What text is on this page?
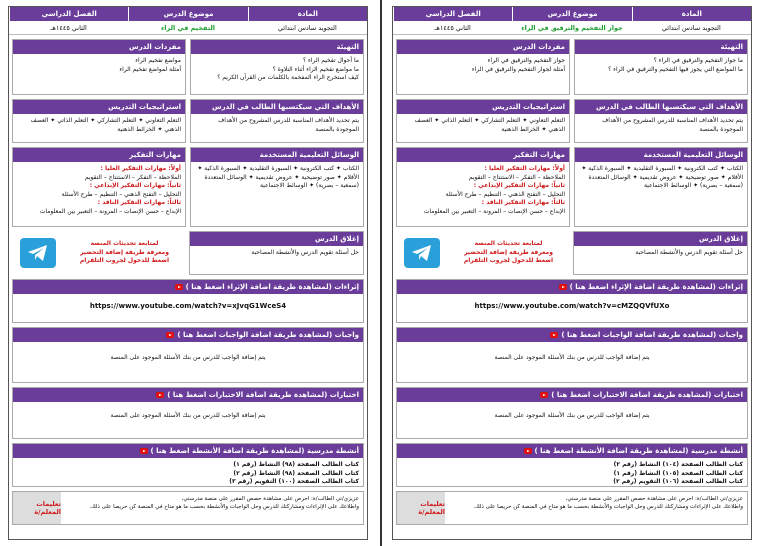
المادة
موضوع الدرس
الفصل الدراسي
التجويد سادس ابتدائي
التفخيم في الراء
الثاني ١٤٤٥هـ
التهيئة
ما أحوال تفخيم الراء ؟
ما مواضع تفخيم الراء أثناء التلاوة ؟
كيف استخرج الراء المفخمة بالكلمات من القرآن الكريم ؟
مفردات الدرس
مواضع تفخيم الراء
أمثلة لمواضع تفخيم الراء
الأهداف التي سيكتسبها الطالب في الدرس
يتم تحديد الأهداف المناسبة للدرس المشروح من الأهداف الموجودة بالمنصة
استراتيجيات التدريس
التعلم التعاوني ✦ التعلم التشاركي ✦ التعلم الذاتي ✦ العصف الذهني ✦ الخرائط الذهنية
الوسائل التعليمية المستخدمة
الكتاب ✦ كتب الكترونية ✦ السبورة التقليدية ✦ السبورة الذكية ✦ الأقلام ✦ صور توضيحية ✦ عروض تقديمية ✦ الوسائل المتعددة (سمعية – بصرية) ✦ الوسائط الاجتماعية
مهارات التفكير
أولاً: مهارات التفكير العليا :
الملاحظة – التفكر – الاستنتاج – التقويم
ثانياً: مهارات التفكير الإبداعي :
التحليل – التفتح الذهني – التنظيم – طرح الأسئلة
ثالثاً: مهارات التفكير الناقد :
الإبداع – حسن الإنصات – المرونة – التعبير بين المعلومات
إغلاق الدرس
حل أسئلة تقويم الدرس والأنشطة المصاحبة
لمتابعة تحديثات المنصة
ومعرفة طريقة إضافة التحضير
اضغط للدخول لجروب التلقرام
إثراءات (لمشاهدة طريقة اضافة الإثراء اضغط هنا )
https://www.youtube.com/watch?v=xJvqG1WceS4
واجبات (لمشاهدة طريقة اضافة الواجبات اضغط هنا )
يتم إضافة الواجب للدرس من بنك الأسئلة الموجود على المنصة
اختبارات (لمشاهدة طريقة اضافة الاختبارات اضغط هنا )
يتم إضافة الواجب للدرس من بنك الأسئلة الموجود على المنصة
أنشطة مدرسية (لمشاهدة طريقة اضافة الأنشطة اضغط هنا )
كتاب الطالب الصفحة (٩٨) النشاط (رقم ١)
كتاب الطالب الصفحة (٩٨) النشاط (رقم ٢)
كتاب الطالب الصفحة (١٠٠) التقويم (رقم ٣)
عزيزي/تي الطالب/ة: احرص على مشاهدة حصص المقرر على منصة مدرستي،
واطلاعك على الإثراءات ومشاركتك للدرس وحل الواجبات والأنشطة بحسب ما هو متاح في المنصة كن حريصا على ذلك.
تعليمات المعلم/ة
المادة
موضوع الدرس
الفصل الدراسي
التجويد سادس ابتدائي
جواز التفخيم والترقيق في الراء
الثاني ١٤٤٥هـ
التهيئة
ما جواز التفخيم والترقيق في الراء ؟
ما المواضع التي يجوز فيها التفخيم والترقيق في الراء ؟
مفردات الدرس
جواز التفخيم والترقيق في الراء
أمثلة لجواز التفخيم والترقيق في الراء
الأهداف التي سيكتسبها الطالب في الدرس
يتم تحديد الأهداف المناسبة للدرس المشروح من الأهداف الموجودة بالمنصة
استراتيجيات التدريس
التعلم التعاوني ✦ التعلم التشاركي ✦ التعلم الذاتي ✦ العصف الذهني ✦ الخرائط الذهنية
الوسائل التعليمية المستخدمة
الكتاب ✦ كتب الكترونية ✦ السبورة التقليدية ✦ السبورة الذكية ✦ الأقلام ✦ صور توضيحية ✦ عروض تقديمية ✦ الوسائل المتعددة (سمعية – بصرية) ✦ الوسائط الاجتماعية
مهارات التفكير
أولاً: مهارات التفكير العليا :
الملاحظة – التفكر – الاستنتاج – التقويم
ثانياً: مهارات التفكير الإبداعي :
التحليل – التفتح الذهني – التنظيم – طرح الأسئلة
ثالثاً: مهارات التفكير الناقد :
الإبداع – حسن الإنصات – المرونة – التعبير بين المعلومات
إغلاق الدرس
حل أسئلة تقويم الدرس والأنشطة المصاحبة
لمتابعة تحديثات المنصة
ومعرفة طريقة إضافة التحضير
اضغط للدخول لجروب التلقرام
إثراءات (لمشاهدة طريقة اضافة الإثراء اضغط هنا )
https://www.youtube.com/watch?v=cMZQQVfUXo
واجبات (لمشاهدة طريقة اضافة الواجبات اضغط هنا )
يتم إضافة الواجب للدرس من بنك الأسئلة الموجود على المنصة
اختبارات (لمشاهدة طريقة اضافة الاختبارات اضغط هنا )
يتم إضافة الواجب للدرس من بنك الأسئلة الموجود على المنصة
أنشطة مدرسية (لمشاهدة طريقة اضافة الأنشطة اضغط هنا )
كتاب الطالب الصفحة (١٠٤) النشاط (رقم ٢)
كتاب الطالب الصفحة (١٠٥) النشاط (رقم ١)
كتاب الطالب الصفحة (١٠٦) التقويم (رقم ٢)
عزيزي/تي الطالب/ة: احرص على مشاهدة حصص المقرر على منصة مدرستي،
واطلاعك على الإثراءات ومشاركتك للدرس وحل الواجبات والأنشطة بحسب ما هو متاح في المنصة كن حريصا على ذلك.
تعليمات المعلم/ة
